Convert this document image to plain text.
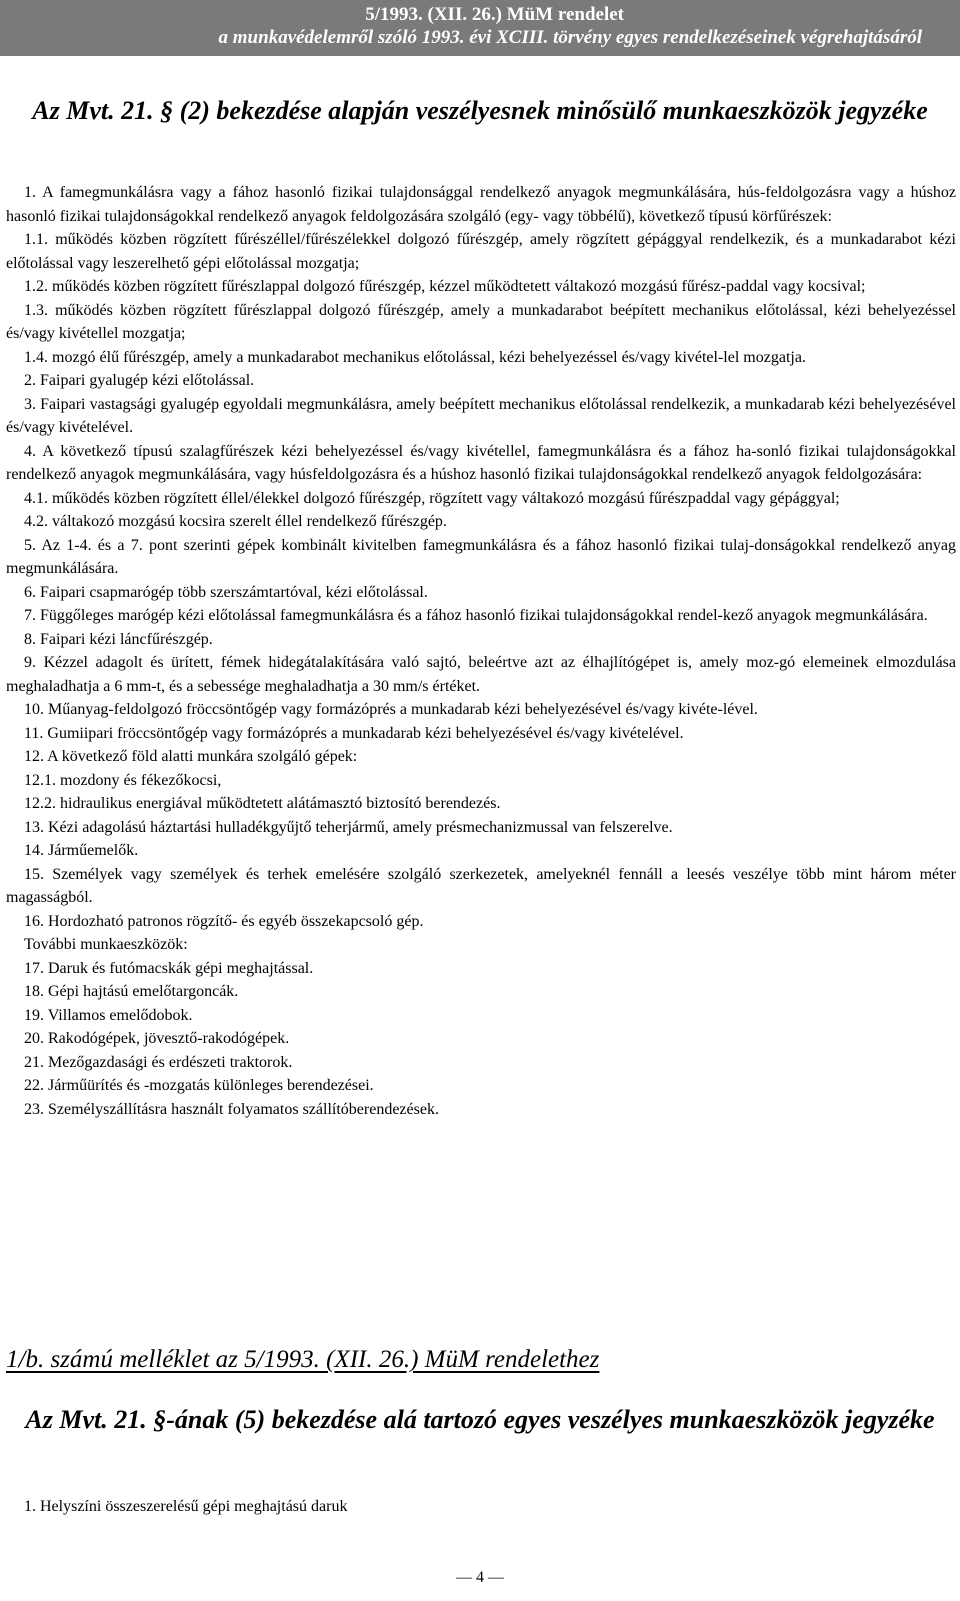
5/1993. (XII. 26.) MüM rendelet
a munkavédelemről szóló 1993. évi XCIII. törvény egyes rendelkezéseinek végrehajtásáról
Az Mvt. 21. § (2) bekezdése alapján veszélyesnek minősülő munkaeszközök jegyzéke
1. A famegmunkálásra vagy a fához hasonló fizikai tulajdonsággal rendelkező anyagok megmunkálására, hús-feldolgozásra vagy a húshoz hasonló fizikai tulajdonságokkal rendelkező anyagok feldolgozására szolgáló (egy- vagy többélű), következő típusú körfűrészek:
1.1. működés közben rögzített fűrészéllel/fűrészélekkel dolgozó fűrészgép, amely rögzített gépággyal rendelkezik, és a munkadarabot kézi előtolással vagy leszerelhető gépi előtolással mozgatja;
1.2. működés közben rögzített fűrészlappal dolgozó fűrészgép, kézzel működtetett váltakozó mozgású fűrész-paddal vagy kocsival;
1.3. működés közben rögzített fűrészlappal dolgozó fűrészgép, amely a munkadarabot beépített mechanikus előtolással, kézi behelyezéssel és/vagy kivétellel mozgatja;
1.4. mozgó élű fűrészgép, amely a munkadarabot mechanikus előtolással, kézi behelyezéssel és/vagy kivétel-lel mozgatja.
2. Faipari gyalugép kézi előtolással.
3. Faipari vastagsági gyalugép egyoldali megmunkálásra, amely beépített mechanikus előtolással rendelkezik, a munkadarab kézi behelyezésével és/vagy kivételével.
4. A következő típusú szalagfűrészek kézi behelyezéssel és/vagy kivétellel, famegmunkálásra és a fához ha-sonló fizikai tulajdonságokkal rendelkező anyagok megmunkálására, vagy húsfeldolgozásra és a húshoz hasonló fizikai tulajdonságokkal rendelkező anyagok feldolgozására:
4.1. működés közben rögzített éllel/élekkel dolgozó fűrészgép, rögzített vagy váltakozó mozgású fűrészpaddal vagy gépággyal;
4.2. váltakozó mozgású kocsira szerelt éllel rendelkező fűrészgép.
5. Az 1-4. és a 7. pont szerinti gépek kombinált kivitelben famegmunkálásra és a fához hasonló fizikai tulaj-donságokkal rendelkező anyag megmunkálására.
6. Faipari csapmarógép több szerszámtartóval, kézi előtolással.
7. Függőleges marógép kézi előtolással famegmunkálásra és a fához hasonló fizikai tulajdonságokkal rendel-kező anyagok megmunkálására.
8. Faipari kézi láncfűrészgép.
9. Kézzel adagolt és ürített, fémek hidegátalakítására való sajtó, beleértve azt az élhajlítógépet is, amely moz-gó elemeinek elmozdulása meghaladhatja a 6 mm-t, és a sebessége meghaladhatja a 30 mm/s értéket.
10. Műanyag-feldolgozó fröccsöntőgép vagy formázóprés a munkadarab kézi behelyezésével és/vagy kivéte-lével.
11. Gumiipari fröccsöntőgép vagy formázóprés a munkadarab kézi behelyezésével és/vagy kivételével.
12. A következő föld alatti munkára szolgáló gépek:
12.1. mozdony és fékezőkocsi,
12.2. hidraulikus energiával működtetett alátámasztó biztosító berendezés.
13. Kézi adagolású háztartási hulladékgyűjtő teherjármű, amely présmechanizmussal van felszerelve.
14. Járműemelők.
15. Személyek vagy személyek és terhek emelésére szolgáló szerkezetek, amelyeknél fennáll a leesés veszélye több mint három méter magasságból.
16. Hordozható patronos rögzítő- és egyéb összekapcsoló gép.
További munkaeszközök:
17. Daruk és futómacskák gépi meghajtással.
18. Gépi hajtású emelőtargoncák.
19. Villamos emelődobok.
20. Rakodógépek, jövesztő-rakodógépek.
21. Mezőgazdasági és erdészeti traktorok.
22. Járműürítés és -mozgatás különleges berendezései.
23. Személyszállításra használt folyamatos szállítóberendezések.
1/b. számú melléklet az 5/1993. (XII. 26.) MüM rendelethez
Az Mvt. 21. §-ának (5) bekezdése alá tartozó egyes veszélyes munkaeszközök jegyzéke
1. Helyszíni összeszerelésű gépi meghajtású daruk
— 4 —
